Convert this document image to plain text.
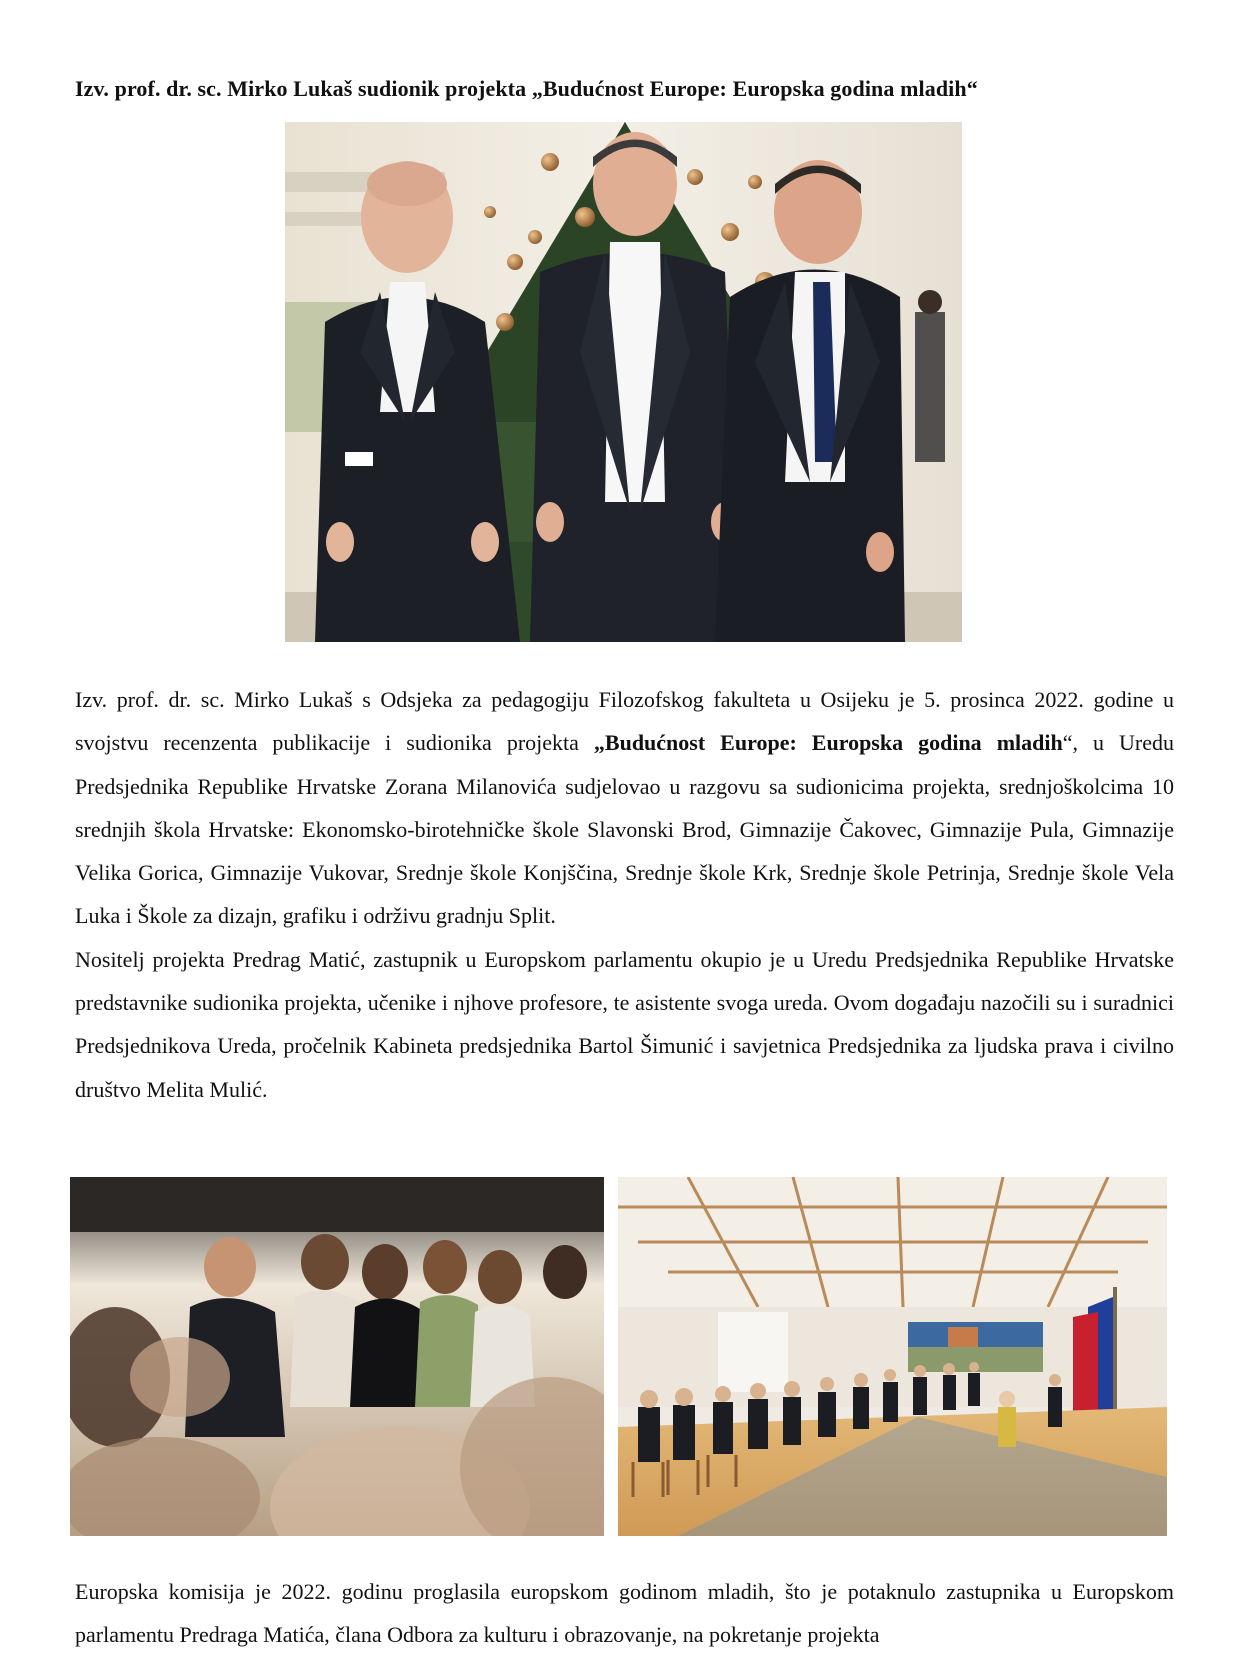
Izv. prof. dr. sc. Mirko Lukaš sudionik projekta „Budućnost Europe: Europska godina mladih“

Izv. prof. dr. sc. Mirko Lukaš s Odsjeka za pedagogiju Filozofskog fakulteta u Osijeku je 5. prosinca 2022. godine u svojstvu recenzenta publikacije i sudionika projekta „Budućnost Europe: Europska godina mladih“, u Uredu Predsjednika Republike Hrvatske Zorana Milanovića sudjelovao u razgovu sa sudionicima projekta, srednjoškolcima 10 srednjih škola Hrvatske: Ekonomsko-birotehničke škole Slavonski Brod, Gimnazije Čakovec, Gimnazije Pula, Gimnazije Velika Gorica, Gimnazije Vukovar, Srednje škole Konjščina, Srednje škole Krk, Srednje škole Petrinja, Srednje škole Vela Luka i Škole za dizajn, grafiku i održivu gradnju Split.

Nositelj projekta Predrag Matić, zastupnik u Europskom parlamentu okupio je u Uredu Predsjednika Republike Hrvatske predstavnike sudionika projekta, učenike i njhove profesore, te asistente svoga ureda. Ovom događaju nazočili su i suradnici Predsjednikova Ureda, pročelnik Kabineta predsjednika Bartol Šimunić i savjetnica Predsjednika za ljudska prava i civilno društvo Melita Mulić.

Europska komisija je 2022. godinu proglasila europskom godinom mladih, što je potaknulo zastupnika u Europskom parlamentu Predraga Matića, člana Odbora za kulturu i obrazovanje, na pokretanje projekta
